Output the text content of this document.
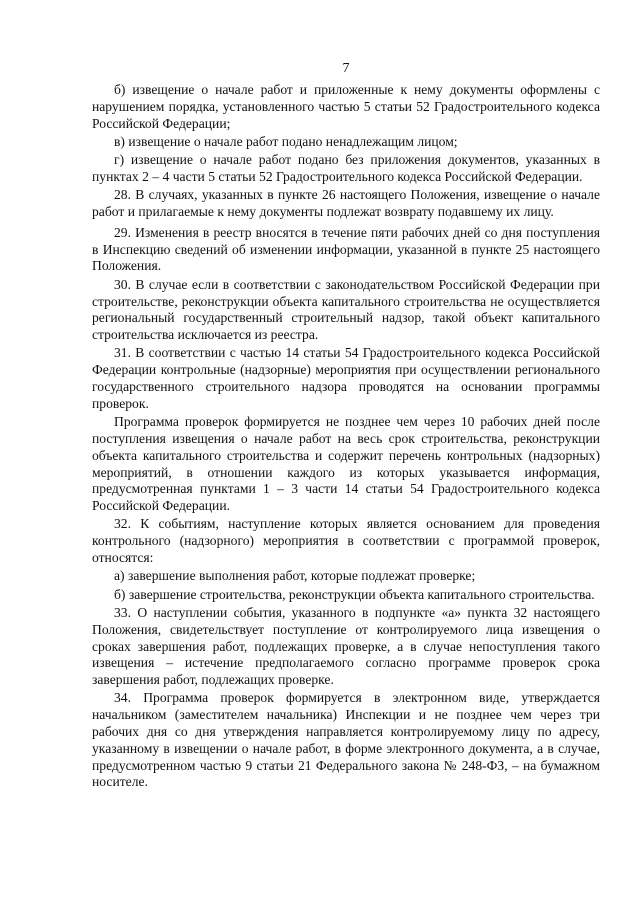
7

б) извещение о начале работ и приложенные к нему документы оформлены с нарушением порядка, установленного частью 5 статьи 52 Градостроительного кодекса Российской Федерации;

в) извещение о начале работ подано ненадлежащим лицом;

г) извещение о начале работ подано без приложения документов, указанных в пунктах 2 – 4 части 5 статьи 52 Градостроительного кодекса Российской Федерации.

28. В случаях, указанных в пункте 26 настоящего Положения, извещение о начале работ и прилагаемые к нему документы подлежат возврату подавшему их лицу.

29. Изменения в реестр вносятся в течение пяти рабочих дней со дня поступления в Инспекцию сведений об изменении информации, указанной в пункте 25 настоящего Положения.

30. В случае если в соответствии с законодательством Российской Федерации при строительстве, реконструкции объекта капитального строительства не осуществляется региональный государственный строительный надзор, такой объект капитального строительства исключается из реестра.

31. В соответствии с частью 14 статьи 54 Градостроительного кодекса Российской Федерации контрольные (надзорные) мероприятия при осуществлении регионального государственного строительного надзора проводятся на основании программы проверок.

Программа проверок формируется не позднее чем через 10 рабочих дней после поступления извещения о начале работ на весь срок строительства, реконструкции объекта капитального строительства и содержит перечень контрольных (надзорных) мероприятий, в отношении каждого из которых указывается информация, предусмотренная пунктами 1 – 3 части 14 статьи 54 Градостроительного кодекса Российской Федерации.

32. К событиям, наступление которых является основанием для проведения контрольного (надзорного) мероприятия в соответствии с программой проверок, относятся:

а) завершение выполнения работ, которые подлежат проверке;

б) завершение строительства, реконструкции объекта капитального строительства.

33. О наступлении события, указанного в подпункте «а» пункта 32 настоящего Положения, свидетельствует поступление от контролируемого лица извещения о сроках завершения работ, подлежащих проверке, а в случае непоступления такого извещения – истечение предполагаемого согласно программе проверок срока завершения работ, подлежащих проверке.

34. Программа проверок формируется в электронном виде, утверждается начальником (заместителем начальника) Инспекции и не позднее чем через три рабочих дня со дня утверждения направляется контролируемому лицу по адресу, указанному в извещении о начале работ, в форме электронного документа, а в случае, предусмотренном частью 9 статьи 21 Федерального закона № 248-ФЗ, – на бумажном носителе.
